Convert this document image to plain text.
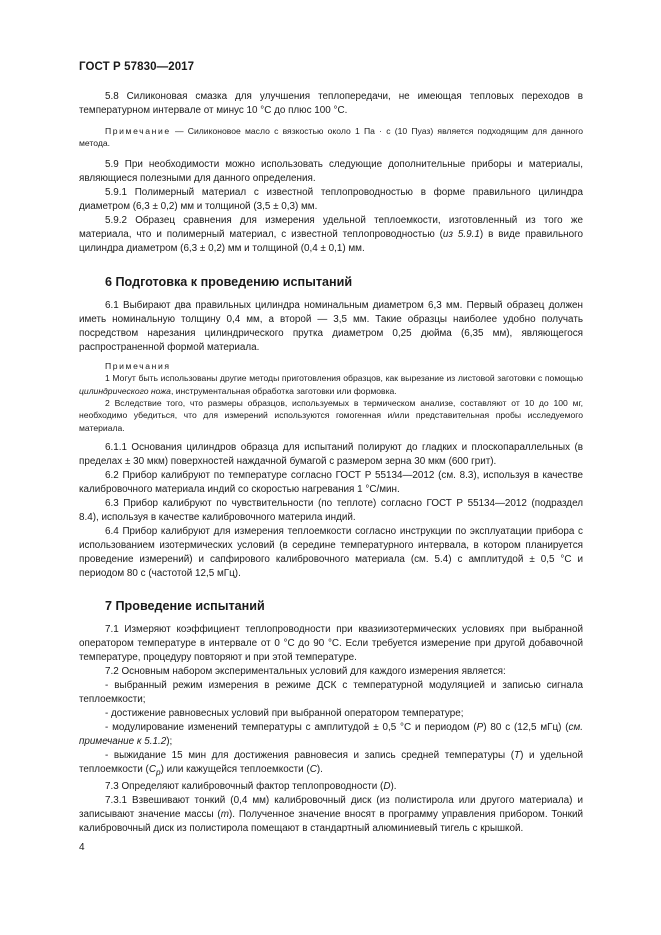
ГОСТ Р 57830—2017

5.8 Силиконовая смазка для улучшения теплопередачи, не имеющая тепловых переходов в температурном интервале от минус 10 °С до плюс 100 °С.

Примечание — Силиконовое масло с вязкостью около 1 Па · с (10 Пуаз) является подходящим для данного метода.

5.9 При необходимости можно использовать следующие дополнительные приборы и материалы, являющиеся полезными для данного определения.

5.9.1 Полимерный материал с известной теплопроводностью в форме правильного цилиндра диаметром (6,3 ± 0,2) мм и толщиной (3,5 ± 0,3) мм.

5.9.2 Образец сравнения для измерения удельной теплоемкости, изготовленный из того же материала, что и полимерный материал, с известной теплопроводностью (из 5.9.1) в виде правильного цилиндра диаметром (6,3 ± 0,2) мм и толщиной (0,4 ± 0,1) мм.

6 Подготовка к проведению испытаний

6.1 Выбирают два правильных цилиндра номинальным диаметром 6,3 мм. Первый образец должен иметь номинальную толщину 0,4 мм, а второй — 3,5 мм. Такие образцы наиболее удобно получать посредством нарезания цилиндрического прутка диаметром 0,25 дюйма (6,35 мм), являющегося распространенной формой материала.

Примечания

1 Могут быть использованы другие методы приготовления образцов, как вырезание из листовой заготовки с помощью цилиндрического ножа, инструментальная обработка заготовки или формовка.

2 Вследствие того, что размеры образцов, используемых в термическом анализе, составляют от 10 до 100 мг, необходимо убедиться, что для измерений используются гомогенная и/или представительная пробы исследуемого материала.

6.1.1 Основания цилиндров образца для испытаний полируют до гладких и плоскопараллельных (в пределах ± 30 мкм) поверхностей наждачной бумагой с размером зерна 30 мкм (600 грит).

6.2 Прибор калибруют по температуре согласно ГОСТ Р 55134—2012 (см. 8.3), используя в качестве калибровочного материала индий со скоростью нагревания 1 °С/мин.

6.3 Прибор калибруют по чувствительности (по теплоте) согласно ГОСТ Р 55134—2012 (подраздел 8.4), используя в качестве калибровочного материла индий.

6.4 Прибор калибруют для измерения теплоемкости согласно инструкции по эксплуатации прибора с использованием изотермических условий (в середине температурного интервала, в котором планируется проведение измерений) и сапфирового калибровочного материала (см. 5.4) с амплитудой ± 0,5 °С и периодом 80 с (частотой 12,5 мГц).

7 Проведение испытаний

7.1 Измеряют коэффициент теплопроводности при квазиизотермических условиях при выбранной оператором температуре в интервале от 0 °С до 90 °С. Если требуется измерение при другой добавочной температуре, процедуру повторяют и при этой температуре.

7.2 Основным набором экспериментальных условий для каждого измерения является:

- выбранный режим измерения в режиме ДСК с температурной модуляцией и записью сигнала теплоемкости;

- достижение равновесных условий при выбранной оператором температуре;

- модулирование изменений температуры с амплитудой ± 0,5 °С и периодом (Р) 80 с (12,5 мГц) (см. примечание к 5.1.2);

- выжидание 15 мин для достижения равновесия и запись средней температуры (Т) и удельной теплоемкости $(С_p)$ или кажущейся теплоемкости (С).

7.3 Определяют калибровочный фактор теплопроводности (D).

7.3.1 Взвешивают тонкий (0,4 мм) калибровочный диск (из полистирола или другого материала) и записывают значение массы (m). Полученное значение вносят в программу управления прибором. Тонкий калибровочный диск из полистирола помещают в стандартный алюминиевый тигель с крышкой.

4
